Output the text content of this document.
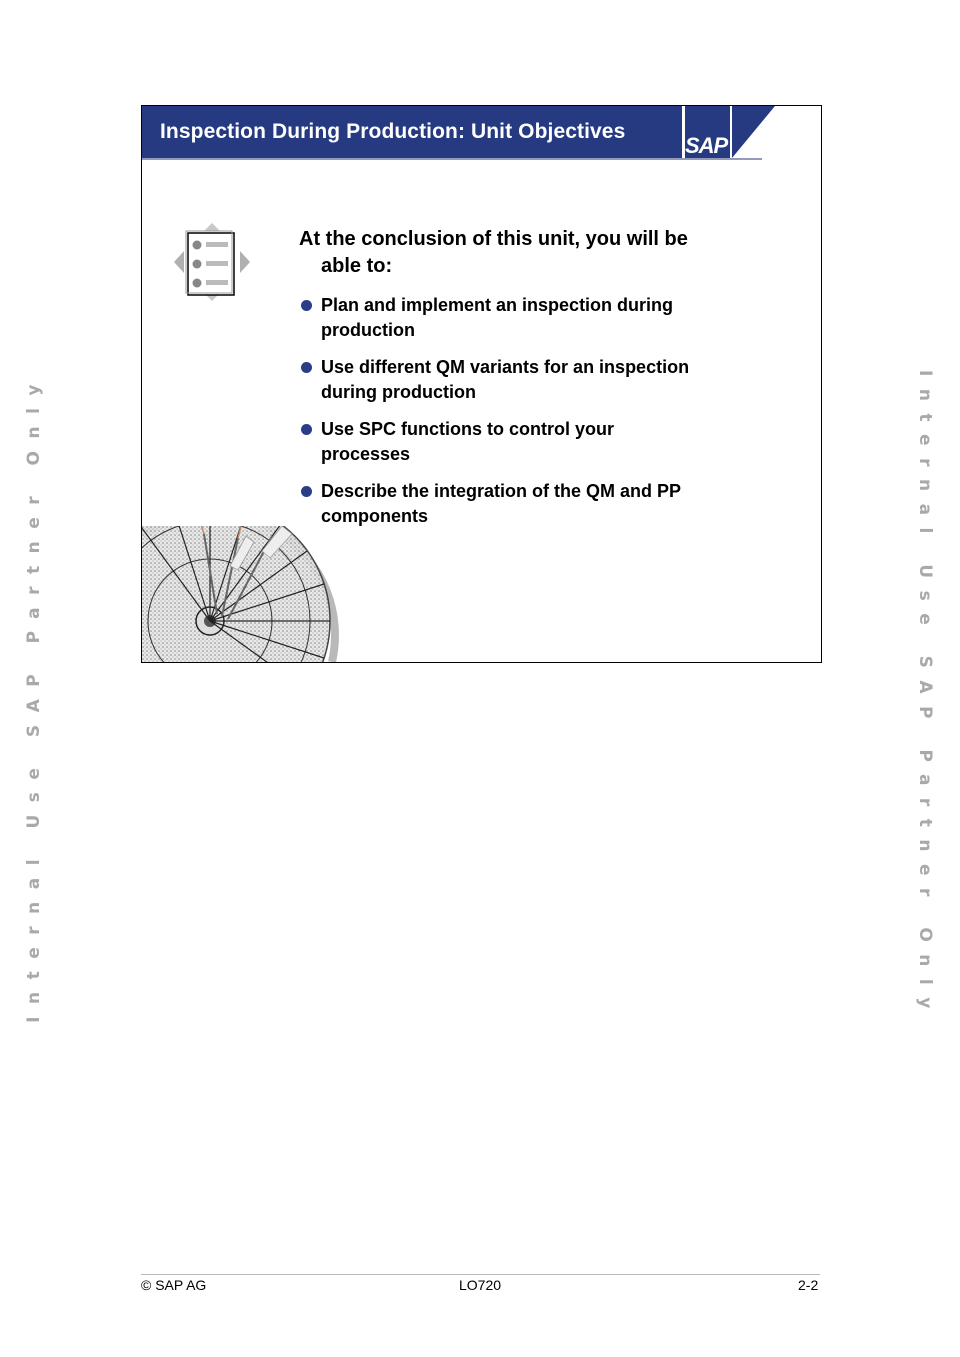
Internal Use SAP Partner Only	Internal Use SAP Partner Only
Inspection During Production: Unit Objectives
SAP
At the conclusion of this unit, you will be
able to:
Plan and implement an inspection during
production
Use different QM variants for an inspection
during production
Use SPC functions to control your
processes
Describe the integration of the QM and PP
components
© SAP AG	LO720	2-2
